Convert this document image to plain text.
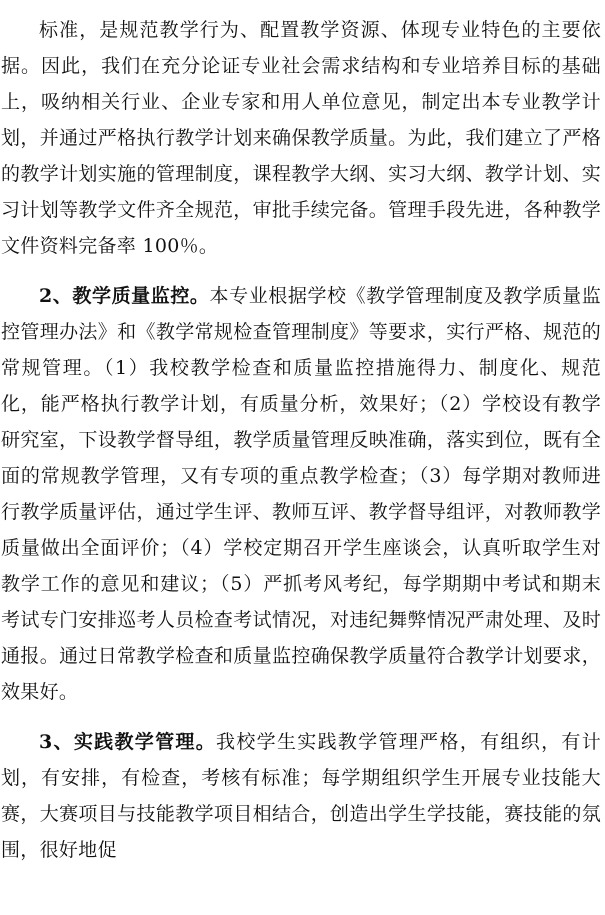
标准，是规范教学行为、配置教学资源、体现专业特色的主要依据。因此，我们在充分论证专业社会需求结构和专业培养目标的基础上，吸纳相关行业、企业专家和用人单位意见，制定出本专业教学计划，并通过严格执行教学计划来确保教学质量。为此，我们建立了严格的教学计划实施的管理制度，课程教学大纲、实习大纲、教学计划、实习计划等教学文件齐全规范，审批手续完备。管理手段先进，各种教学文件资料完备率 100％。

2、教学质量监控。本专业根据学校《教学管理制度及教学质量监控管理办法》和《教学常规检查管理制度》等要求，实行严格、规范的常规管理。（1）我校教学检查和质量监控措施得力、制度化、规范化，能严格执行教学计划，有质量分析，效果好；（2）学校设有教学研究室，下设教学督导组，教学质量管理反映准确，落实到位，既有全面的常规教学管理，又有专项的重点教学检查；（3）每学期对教师进行教学质量评估，通过学生评、教师互评、教学督导组评，对教师教学质量做出全面评价；（4）学校定期召开学生座谈会，认真听取学生对教学工作的意见和建议；（5）严抓考风考纪，每学期期中考试和期末考试专门安排巡考人员检查考试情况，对违纪舞弊情况严肃处理、及时通报。通过日常教学检查和质量监控确保教学质量符合教学计划要求，效果好。

3、实践教学管理。我校学生实践教学管理严格，有组织，有计划，有安排，有检查，考核有标准；每学期组织学生开展专业技能大赛，大赛项目与技能教学项目相结合，创造出学生学技能，赛技能的氛围，很好地促
